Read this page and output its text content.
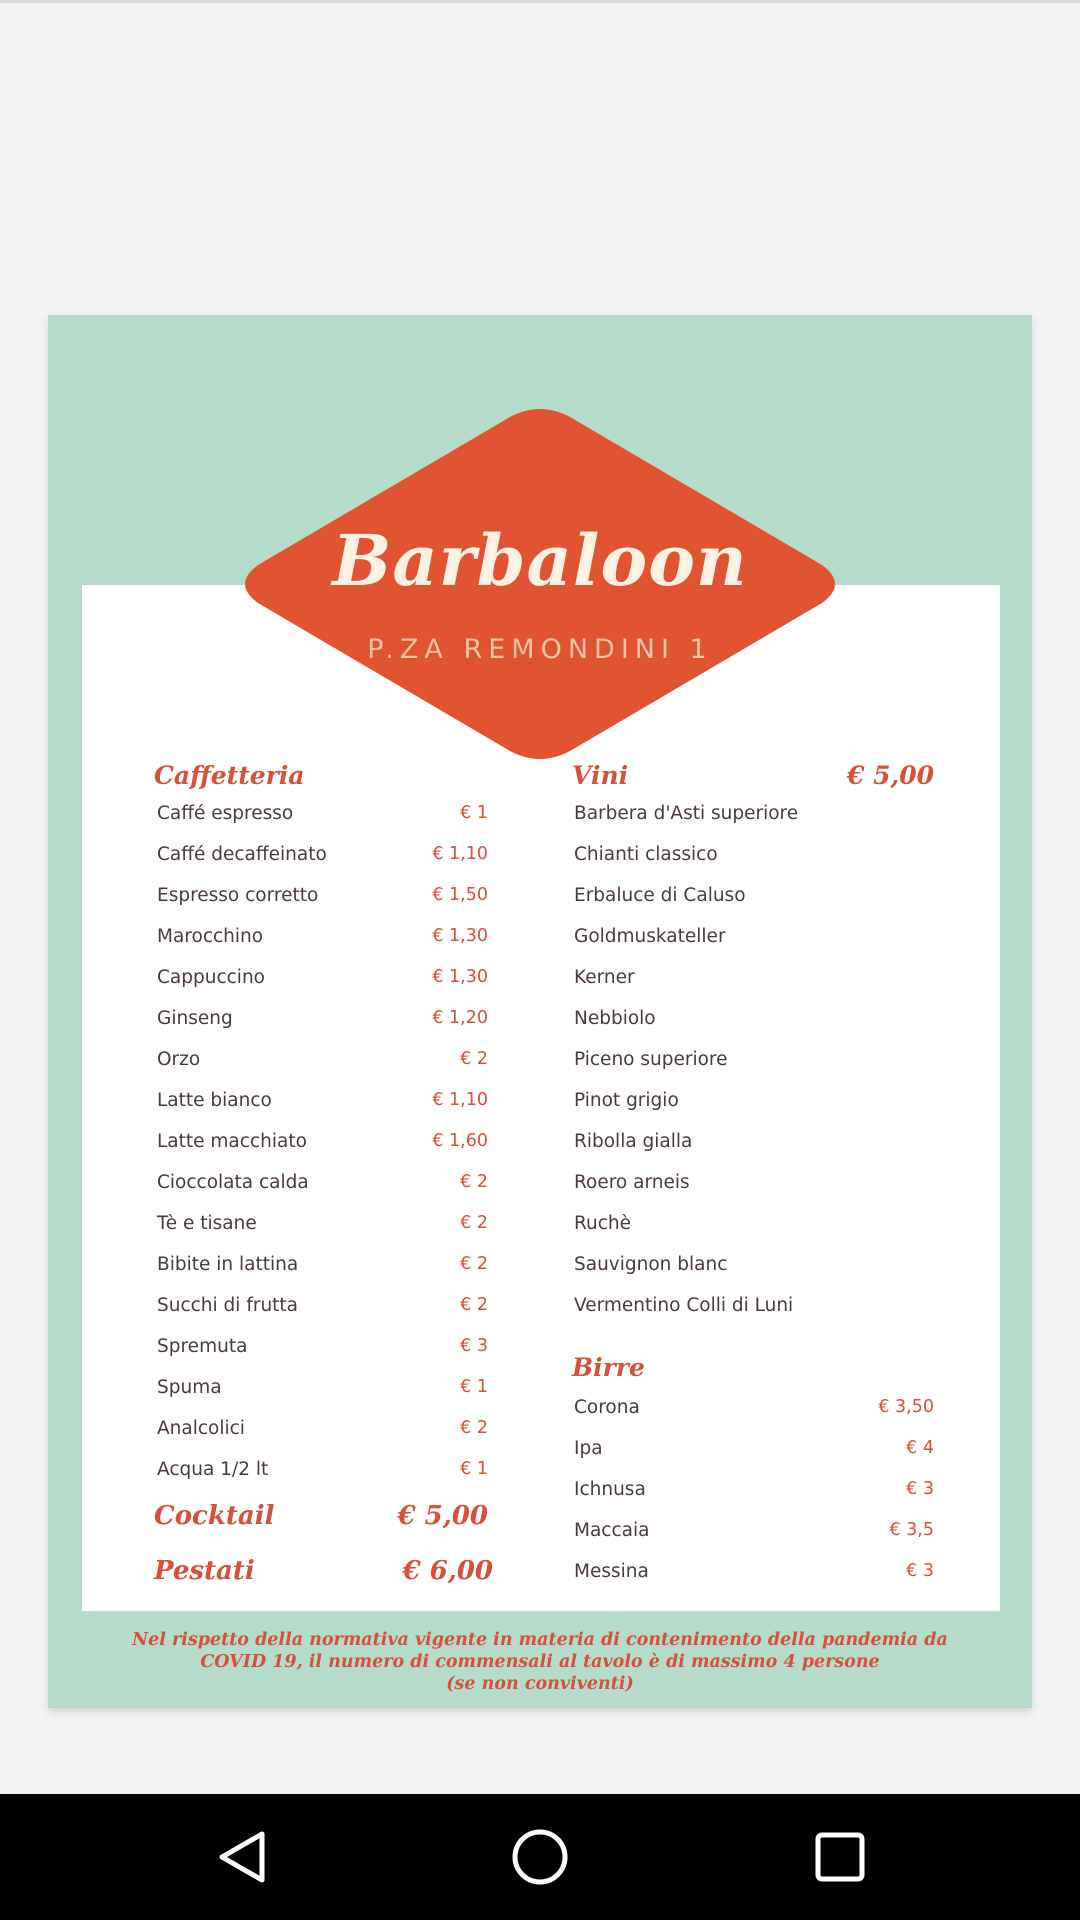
Barbaloon
P.ZA REMONDINI 1
Caffetteria
Caffé espresso	€ 1
Caffé decaffeinato	€ 1,10
Espresso corretto	€ 1,50
Marocchino	€ 1,30
Cappuccino	€ 1,30
Ginseng	€ 1,20
Orzo	€ 2
Latte bianco	€ 1,10
Latte macchiato	€ 1,60
Cioccolata calda	€ 2
Tè e tisane	€ 2
Bibite in lattina	€ 2
Succhi di frutta	€ 2
Spremuta	€ 3
Spuma	€ 1
Analcolici	€ 2
Acqua 1/2 lt	€ 1
Cocktail	€ 5,00
Pestati	€ 6,00
Vini	€ 5,00
Barbera d'Asti superiore
Chianti classico
Erbaluce di Caluso
Goldmuskateller
Kerner
Nebbiolo
Piceno superiore
Pinot grigio
Ribolla gialla
Roero arneis
Ruchè
Sauvignon blanc
Vermentino Colli di Luni
Birre
Corona	€ 3,50
Ipa	€ 4
Ichnusa	€ 3
Maccaia	€ 3,5
Messina	€ 3
Nel rispetto della normativa vigente in materia di contenimento della pandemia da
COVID 19, il numero di commensali al tavolo è di massimo 4 persone
(se non conviventi)
